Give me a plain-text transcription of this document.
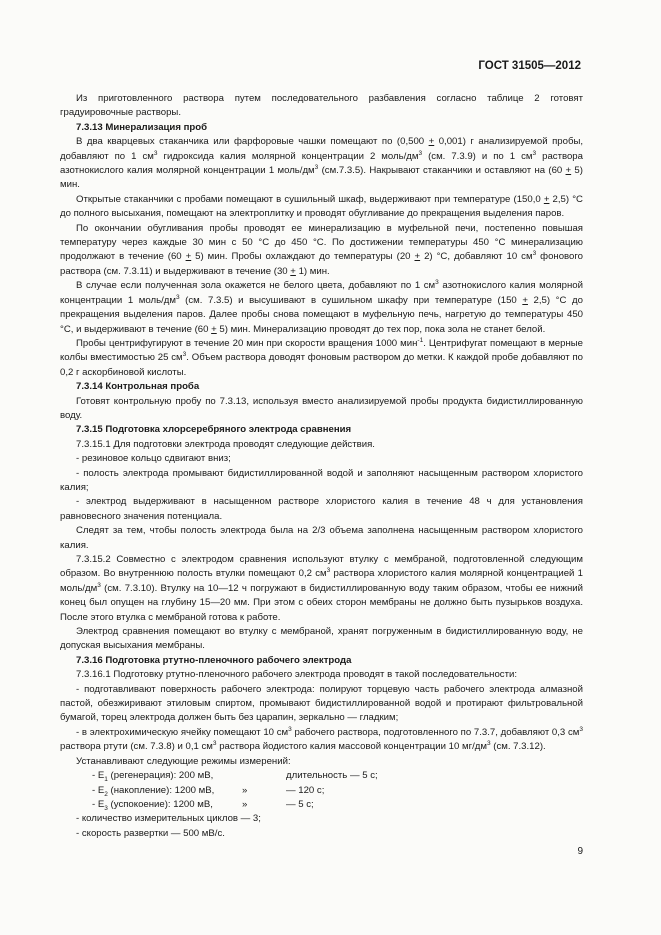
ГОСТ 31505—2012

Из приготовленного раствора путем последовательного разбавления согласно таблице 2 готовят градуировочные растворы.

7.3.13 Минерализация проб

В два кварцевых стаканчика или фарфоровые чашки помещают по (0,500 + 0,001) г анализируемой пробы, добавляют по 1 $см^3$ гидроксида калия молярной концентрации 2 моль/$дм^3$ (см. 7.3.9) и по 1 $см^3$ раствора азотнокислого калия молярной концентрации 1 моль/$дм^3$ (см.7.3.5). Накрывают стаканчики и оставляют на (60 + 5) мин.

Открытые стаканчики с пробами помещают в сушильный шкаф, выдерживают при температуре (150,0 + 2,5) °С до полного высыхания, помещают на электроплитку и проводят обугливание до прекращения выделения паров.

По окончании обугливания пробы проводят ее минерализацию в муфельной печи, постепенно повышая температуру через каждые 30 мин с 50 °С до 450 °С. По достижении температуры 450 °С минерализацию продолжают в течение (60 + 5) мин. Пробы охлаждают до температуры (20 + 2) °С, добавляют 10 $см^3$ фонового раствора (см. 7.3.11) и выдерживают в течение (30 + 1) мин.

В случае если полученная зола окажется не белого цвета, добавляют по 1 $см^3$ азотнокислого калия молярной концентрации 1 моль/$дм^3$ (см. 7.3.5) и высушивают в сушильном шкафу при температуре (150 + 2,5) °С до прекращения выделения паров. Далее пробы снова помещают в муфельную печь, нагретую до температуры 450 °С, и выдерживают в течение (60 + 5) мин. Минерализацию проводят до тех пор, пока зола не станет белой.

Пробы центрифугируют в течение 20 мин при скорости вращения 1000 мин$^{-1}$. Центрифугат помещают в мерные колбы вместимостью 25 $см^3$. Объем раствора доводят фоновым раствором до метки. К каждой пробе добавляют по 0,2 г аскорбиновой кислоты.

7.3.14 Контрольная проба

Готовят контрольную пробу по 7.3.13, используя вместо анализируемой пробы продукта бидистиллированную воду.

7.3.15 Подготовка хлорсеребряного электрода сравнения

7.3.15.1 Для подготовки электрода проводят следующие действия.

- резиновое кольцо сдвигают вниз;

- полость электрода промывают бидистиллированной водой и заполняют насыщенным раствором хлористого калия;

- электрод выдерживают в насыщенном растворе хлористого калия в течение 48 ч для установления равновесного значения потенциала.

Следят за тем, чтобы полость электрода была на 2/3 объема заполнена насыщенным раствором хлористого калия.

7.3.15.2 Совместно с электродом сравнения используют втулку с мембраной, подготовленной следующим образом. Во внутреннюю полость втулки помещают 0,2 $см^3$ раствора хлористого калия молярной концентрацией 1 моль/$дм^3$ (см. 7.3.10). Втулку на 10—12 ч погружают в бидистиллированную воду таким образом, чтобы ее нижний конец был опущен на глубину 15—20 мм. При этом с обеих сторон мембраны не должно быть пузырьков воздуха. После этого втулка с мембраной готова к работе.

Электрод сравнения помещают во втулку с мембраной, хранят погруженным в бидистиллированную воду, не допуская высыхания мембраны.

7.3.16 Подготовка ртутно-пленочного рабочего электрода

7.3.16.1 Подготовку ртутно-пленочного рабочего электрода проводят в такой последовательности:

- подготавливают поверхность рабочего электрода: полируют торцевую часть рабочего электрода алмазной пастой, обезжиривают этиловым спиртом, промывают бидистиллированной водой и протирают фильтровальной бумагой, торец электрода должен быть без царапин, зеркально — гладким;

- в электрохимическую ячейку помещают 10 $см^3$ рабочего раствора, подготовленного по 7.3.7, добавляют 0,3 $см^3$ раствора ртути (см. 7.3.8) и 0,1 $см^3$ раствора йодистого калия массовой концентрации 10 $мг/дм^3$ (см. 7.3.12).

Устанавливают следующие режимы измерений:

- $Е_1$ (регенерация): 200 мВ,	длительность — 5 с;

- $Е_2$ (накопление): 1200 мВ,	»	— 120 с;

- $Е_3$ (успокоение): 1200 мВ,	»	— 5 с;

- количество измерительных циклов — 3;

- скорость развертки — 500 мВ/с.

9
